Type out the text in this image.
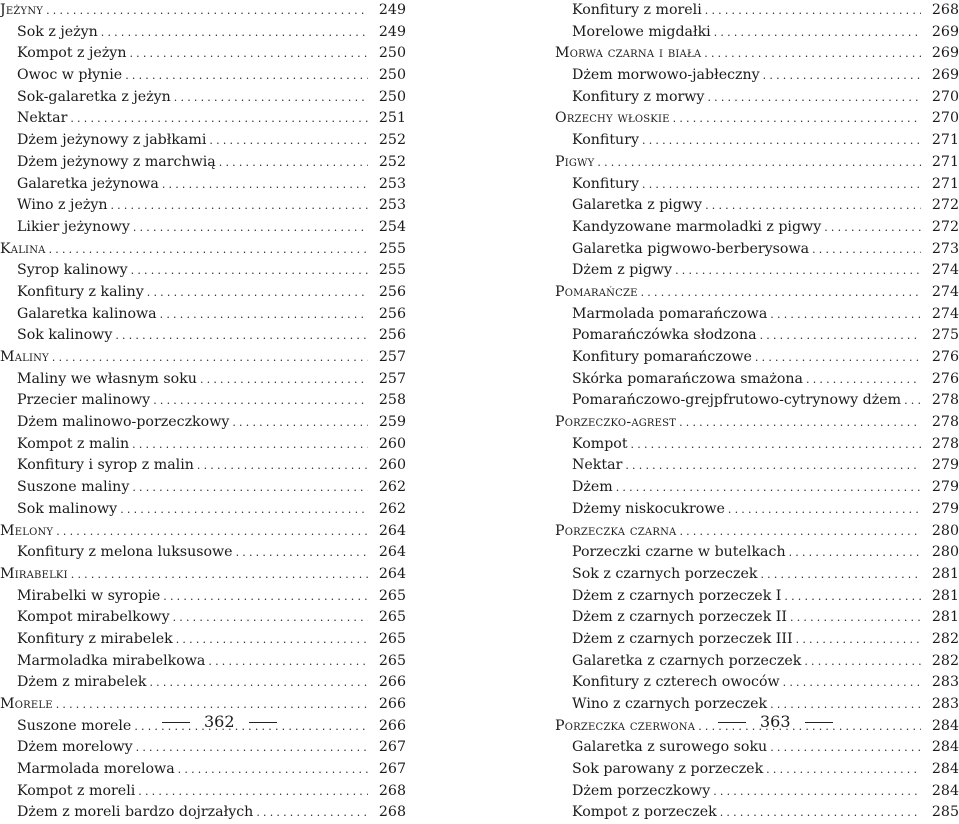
Jeżyny .....	249
Sok z jeżyn .....	249
Kompot z jeżyn .....	250
Owoc w płynie .....	250
Sok-galaretka z jeżyn .....	250
Nektar .....	251
Dżem jeżynowy z jabłkami .....	252
Dżem jeżynowy z marchwią .....	252
Galaretka jeżynowa .....	253
Wino z jeżyn .....	253
Likier jeżynowy .....	254
Kalina .....	255
Syrop kalinowy .....	255
Konfitury z kaliny .....	256
Galaretka kalinowa .....	256
Sok kalinowy .....	256
Maliny .....	257
Maliny we własnym soku .....	257
Przecier malinowy .....	258
Dżem malinowo-porzeczkowy .....	259
Kompot z malin .....	260
Konfitury i syrop z malin .....	260
Suszone maliny .....	262
Sok malinowy .....	262
Melony .....	264
Konfitury z melona luksusowe .....	264
Mirabelki .....	264
Mirabelki w syropie .....	265
Kompot mirabelkowy .....	265
Konfitury z mirabelek .....	265
Marmoladka mirabelkowa .....	265
Dżem z mirabelek .....	266
Morele .....	266
Suszone morele .....	266
Dżem morelowy .....	267
Marmolada morelowa .....	267
Kompot z moreli .....	268
Dżem z moreli bardzo dojrzałych .....	268
Konfitury z moreli .....	268
Morelowe migdałki .....	269
Morwa czarna i biała .....	269
Dżem morwowo-jabłeczny .....	269
Konfitury z morwy .....	270
Orzechy włoskie .....	270
Konfitury .....	271
Pigwy .....	271
Konfitury .....	271
Galaretka z pigwy .....	272
Kandyzowane marmoladki z pigwy .....	272
Galaretka pigwowo-berberysowa .....	273
Dżem z pigwy .....	274
Pomarańcze .....	274
Marmolada pomarańczowa .....	274
Pomarańczówka słodzona .....	275
Konfitury pomarańczowe .....	276
Skórka pomarańczowa smażona .....	276
Pomarańczowo-grejpfrutowo-cytrynowy dżem .....	278
Porzeczko-agrest .....	278
Kompot .....	278
Nektar .....	279
Dżem .....	279
Dżemy niskocukrowe .....	279
Porzeczka czarna .....	280
Porzeczki czarne w butelkach .....	280
Sok z czarnych porzeczek .....	281
Dżem z czarnych porzeczek I .....	281
Dżem z czarnych porzeczek II .....	281
Dżem z czarnych porzeczek III .....	282
Galaretka z czarnych porzeczek .....	282
Konfitury z czterech owoców .....	283
Wino z czarnych porzeczek .....	283
Porzeczka czerwona .....	284
Galaretka z surowego soku .....	284
Sok parowany z porzeczek .....	284
Dżem porzeczkowy .....	284
Kompot z porzeczek .....	285
362	363
